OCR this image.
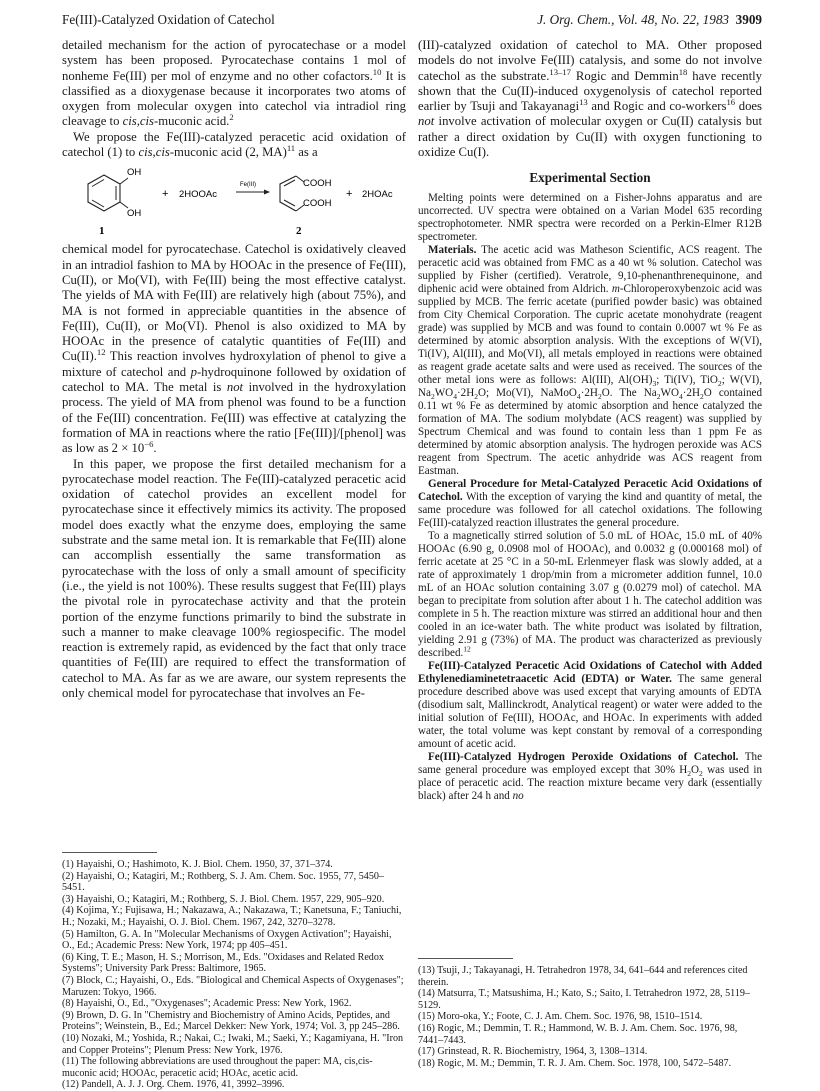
Fe(III)-Catalyzed Oxidation of Catechol	J. Org. Chem., Vol. 48, No. 22, 1983 3909

detailed mechanism for the action of pyrocatechase or a model system has been proposed. Pyrocatechase contains 1 mol of nonheme Fe(III) per mol of enzyme and no other cofactors.$^{10}$ It is classified as a dioxygenase because it incorporates two atoms of oxygen from molecular oxygen into catechol via intradiol ring cleavage to cis,cis-muconic acid.$^2$

We propose the Fe(III)-catalyzed peracetic acid oxidation of catechol (1) to cis,cis-muconic acid (2, MA)$^{11}$ as a

OH
OH
+ 2HOOAc
Fe(III)	COOH
COOH
+ 2HOAc
1	2

chemical model for pyrocatechase. Catechol is oxidatively cleaved in an intradiol fashion to MA by HOOAc in the presence of Fe(III), Cu(II), or Mo(VI), with Fe(III) being the most effective catalyst. The yields of MA with Fe(III) are relatively high (about 75%), and MA is not formed in appreciable quantities in the absence of Fe(III), Cu(II), or Mo(VI). Phenol is also oxidized to MA by HOOAc in the presence of catalytic quantities of Fe(III) and Cu(II).$^{12}$ This reaction involves hydroxylation of phenol to give a mixture of catechol and p-hydroquinone followed by oxidation of catechol to MA. The metal is not involved in the hydroxylation process. The yield of MA from phenol was found to be a function of the Fe(III) concentration. Fe(III) was effective at catalyzing the formation of MA in reactions where the ratio [Fe(III)]/[phenol] was as low as $2 \times 10^{-6}$.

In this paper, we propose the first detailed mechanism for a pyrocatechase model reaction. The Fe(III)-catalyzed peracetic acid oxidation of catechol provides an excellent model for pyrocatechase since it effectively mimics its activity. The proposed model does exactly what the enzyme does, employing the same substrate and the same metal ion. It is remarkable that Fe(III) alone can accomplish essentially the same transformation as pyrocatechase with the loss of only a small amount of specificity (i.e., the yield is not 100%). These results suggest that Fe(III) plays the pivotal role in pyrocatechase activity and that the protein portion of the enzyme functions primarily to bind the substrate in such a manner to make cleavage 100% regiospecific. The model reaction is extremely rapid, as evidenced by the fact that only trace quantities of Fe(III) are required to effect the transformation of catechol to MA. As far as we are aware, our system represents the only chemical model for pyrocatechase that involves an Fe-

(1) Hayaishi, O.; Hashimoto, K. J. Biol. Chem. 1950, 37, 371–374.

(2) Hayaishi, O.; Katagiri, M.; Rothberg, S. J. Am. Chem. Soc. 1955, 77, 5450–5451.

(3) Hayaishi, O.; Katagiri, M.; Rothberg, S. J. Biol. Chem. 1957, 229, 905–920.

(4) Kojima, Y.; Fujisawa, H.; Nakazawa, A.; Nakazawa, T.; Kanetsuna, F.; Taniuchi, H.; Nozaki, M.; Hayaishi, O. J. Biol. Chem. 1967, 242, 3270–3278.

(5) Hamilton, G. A. In "Molecular Mechanisms of Oxygen Activation"; Hayaishi, O., Ed.; Academic Press: New York, 1974; pp 405–451.

(6) King, T. E.; Mason, H. S.; Morrison, M., Eds. "Oxidases and Related Redox Systems"; University Park Press: Baltimore, 1965.

(7) Block, C.; Hayaishi, O., Eds. "Biological and Chemical Aspects of Oxygenases"; Maruzen: Tokyo, 1966.

(8) Hayaishi, O., Ed., "Oxygenases"; Academic Press: New York, 1962.

(9) Brown, D. G. In "Chemistry and Biochemistry of Amino Acids, Peptides, and Proteins"; Weinstein, B., Ed.; Marcel Dekker: New York, 1974; Vol. 3, pp 245–286.

(10) Nozaki, M.; Yoshida, R.; Nakai, C.; Iwaki, M.; Saeki, Y.; Kagamiyana, H. "Iron and Copper Proteins"; Plenum Press: New York, 1976.

(11) The following abbreviations are used throughout the paper: MA, cis,cis-muconic acid; HOOAc, peracetic acid; HOAc, acetic acid.

(12) Pandell, A. J. J. Org. Chem. 1976, 41, 3992–3996.

(III)-catalyzed oxidation of catechol to MA. Other proposed models do not involve Fe(III) catalysis, and some do not involve catechol as the substrate.$^{13-17}$ Rogic and Demmin$^{18}$ have recently shown that the Cu(II)-induced oxygenolysis of catechol reported earlier by Tsuji and Takayanagi$^{13}$ and Rogic and co-workers$^{16}$ does not involve activation of molecular oxygen or Cu(II) catalysis but rather a direct oxidation by Cu(II) with oxygen functioning to oxidize Cu(I).

Experimental Section

Melting points were determined on a Fisher-Johns apparatus and are uncorrected. UV spectra were obtained on a Varian Model 635 recording spectrophotometer. NMR spectra were recorded on a Perkin-Elmer R12B spectrometer.

Materials. The acetic acid was Matheson Scientific, ACS reagent. The peracetic acid was obtained from FMC as a 40 wt % solution. Catechol was supplied by Fisher (certified). Veratrole, 9,10-phenanthrenequinone, and diphenic acid were obtained from Aldrich. m-Chloroperoxybenzoic acid was supplied by MCB. The ferric acetate (purified powder basic) was obtained from City Chemical Corporation. The cupric acetate monohydrate (reagent grade) was supplied by MCB and was found to contain 0.0007 wt % Fe as determined by atomic absorption analysis. With the exceptions of W(VI), Ti(IV), Al(III), and Mo(VI), all metals employed in reactions were obtained as reagent grade acetate salts and were used as received. The sources of the other metal ions were as follows: Al(III), $Al(OH)_3$; Ti(IV), TiO$_2$; W(VI), $Na_2WO_4\cdot 2H_2O$; Mo(VI), $NaMoO_4\cdot 2H_2O$. The $Na_2WO_4\cdot 2H_2O$ contained 0.11 wt % Fe as determined by atomic absorption and hence catalyzed the formation of MA. The sodium molybdate (ACS reagent) was supplied by Spectrum Chemical and was found to contain less than 1 ppm Fe as determined by atomic absorption analysis. The hydrogen peroxide was ACS reagent from Spectrum. The acetic anhydride was ACS reagent from Eastman.

General Procedure for Metal-Catalyzed Peracetic Acid Oxidations of Catechol. With the exception of varying the kind and quantity of metal, the same procedure was followed for all catechol oxidations. The following Fe(III)-catalyzed reaction illustrates the general procedure.

To a magnetically stirred solution of 5.0 mL of HOAc, 15.0 mL of 40% HOOAc (6.90 g, 0.0908 mol of HOOAc), and 0.0032 g (0.000168 mol) of ferric acetate at 25 °C in a 50-mL Erlenmeyer flask was slowly added, at a rate of approximately 1 drop/min from a micrometer addition funnel, 10.0 mL of an HOAc solution containing 3.07 g (0.0279 mol) of catechol. MA began to precipitate from solution after about 1 h. The catechol addition was complete in 5 h. The reaction mixture was stirred an additional hour and then cooled in an ice-water bath. The white product was isolated by filtration, yielding 2.91 g (73%) of MA. The product was characterized as previously described.$^{12}$

Fe(III)-Catalyzed Peracetic Acid Oxidations of Catechol with Added Ethylenediaminetetraacetic Acid (EDTA) or Water. The same general procedure described above was used except that varying amounts of EDTA (disodium salt, Mallinckrodt, Analytical reagent) or water were added to the initial solution of Fe(III), HOOAc, and HOAc. In experiments with added water, the total volume was kept constant by removal of a corresponding amount of acetic acid.

Fe(III)-Catalyzed Hydrogen Peroxide Oxidations of Catechol. The same general procedure was employed except that 30% $H_2O_2$ was used in place of peracetic acid. The reaction mixture became very dark (essentially black) after 24 h and no

(13) Tsuji, J.; Takayanagi, H. Tetrahedron 1978, 34, 641–644 and references cited therein.

(14) Matsurra, T.; Matsushima, H.; Kato, S.; Saito, I. Tetrahedron 1972, 28, 5119–5129.

(15) Moro-oka, Y.; Foote, C. J. Am. Chem. Soc. 1976, 98, 1510–1514.

(16) Rogic, M.; Demmin, T. R.; Hammond, W. B. J. Am. Chem. Soc. 1976, 98, 7441–7443.

(17) Grinstead, R. R. Biochemistry, 1964, 3, 1308–1314.

(18) Rogic, M. M.; Demmin, T. R. J. Am. Chem. Soc. 1978, 100, 5472–5487.
